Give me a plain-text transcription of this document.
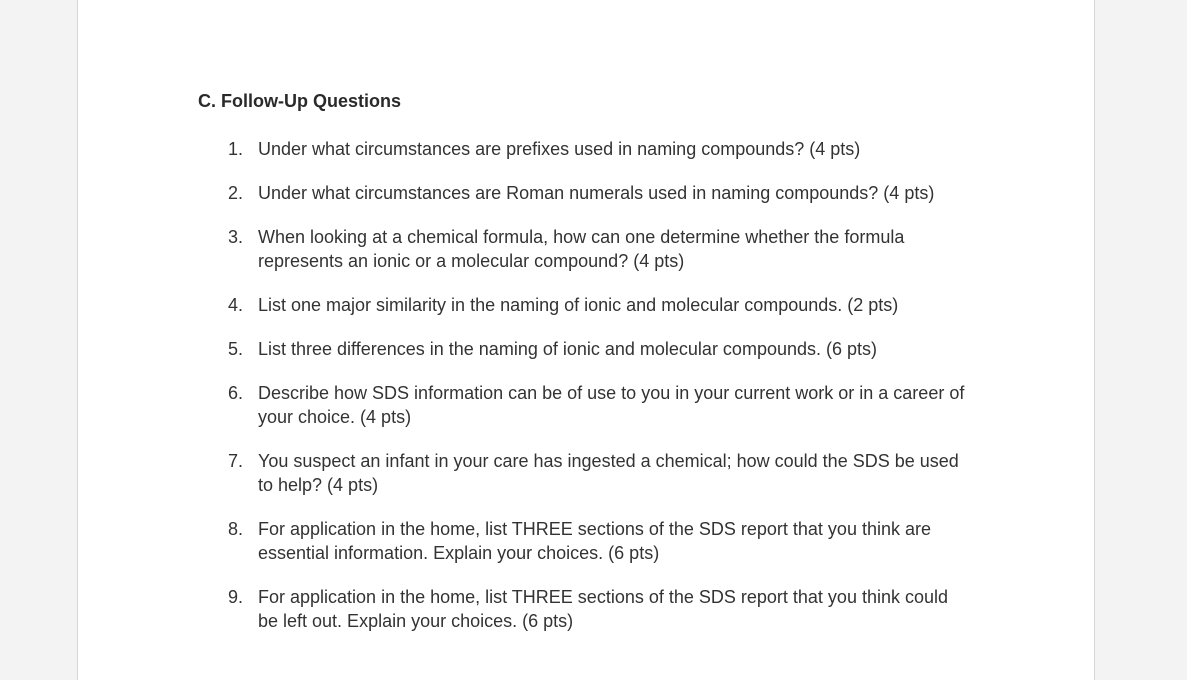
C. Follow-Up Questions
1. Under what circumstances are prefixes used in naming compounds? (4 pts)
2. Under what circumstances are Roman numerals used in naming compounds? (4 pts)
3. When looking at a chemical formula, how can one determine whether the formula represents an ionic or a molecular compound? (4 pts)
4. List one major similarity in the naming of ionic and molecular compounds. (2 pts)
5. List three differences in the naming of ionic and molecular compounds. (6 pts)
6. Describe how SDS information can be of use to you in your current work or in a career of your choice. (4 pts)
7. You suspect an infant in your care has ingested a chemical; how could the SDS be used to help? (4 pts)
8. For application in the home, list THREE sections of the SDS report that you think are essential information. Explain your choices. (6 pts)
9. For application in the home, list THREE sections of the SDS report that you think could be left out. Explain your choices. (6 pts)
